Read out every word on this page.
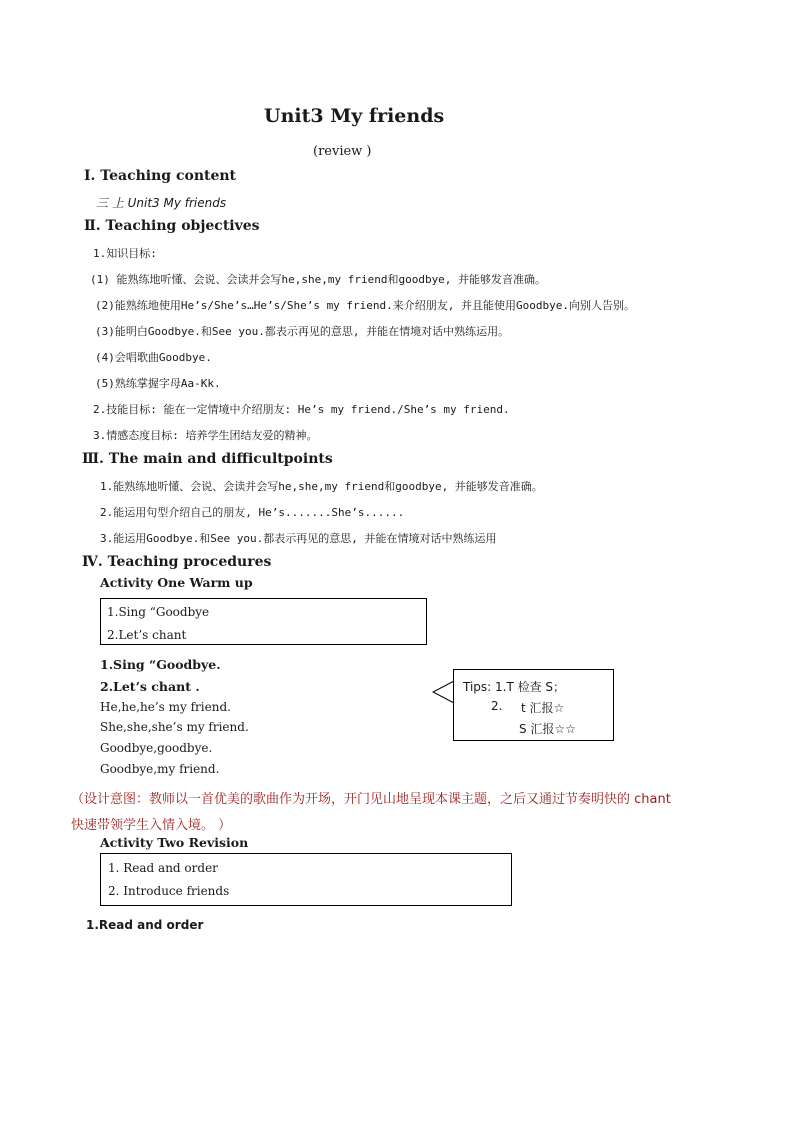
Unit3 My friends
(review )
Ⅰ. Teaching content
三 上 Unit3 My friends
Ⅱ. Teaching objectives
1.知识目标:
(1) 能熟练地听懂、会说、会读并会写he,she,my friend和goodbye, 并能够发音准确。
(2)能熟练地使用He’s/She’s…He’s/She’s my friend.来介绍朋友, 并且能使用Goodbye.向别人告别。
(3)能明白Goodbye.和See you.都表示再见的意思, 并能在情境对话中熟练运用。
(4)会唱歌曲Goodbye.
(5)熟练掌握字母Aa-Kk.
2.技能目标: 能在一定情境中介绍朋友: He’s my friend./She’s my friend.
3.情感态度目标: 培养学生团结友爱的精神。
Ⅲ. The main and difficultpoints
1.能熟练地听懂、会说、会读并会写he,she,my friend和goodbye, 并能够发音准确。
2.能运用句型介绍自己的朋友, He’s.......She’s......
3.能运用Goodbye.和See you.都表示再见的意思, 并能在情境对话中熟练运用
Ⅳ. Teaching procedures
Activity One Warm up
1.Sing “Goodbye
2.Let’s chant
1.Sing “Goodbye.
2.Let’s chant .
He,he,he’s my friend.
She,she,she’s my friend.
Goodbye,goodbye.
Goodbye,my friend.
Tips: 1.T 检查 S；
2. t 汇报☆
S 汇报☆☆
（设计意图：教师以一首优美的歌曲作为开场，开门见山地呈现本课主题，之后又通过节奏明快的 chant
快速带领学生入情入境。 ）
Activity Two Revision
1. Read and order
2. Introduce friends
1.Read and order
